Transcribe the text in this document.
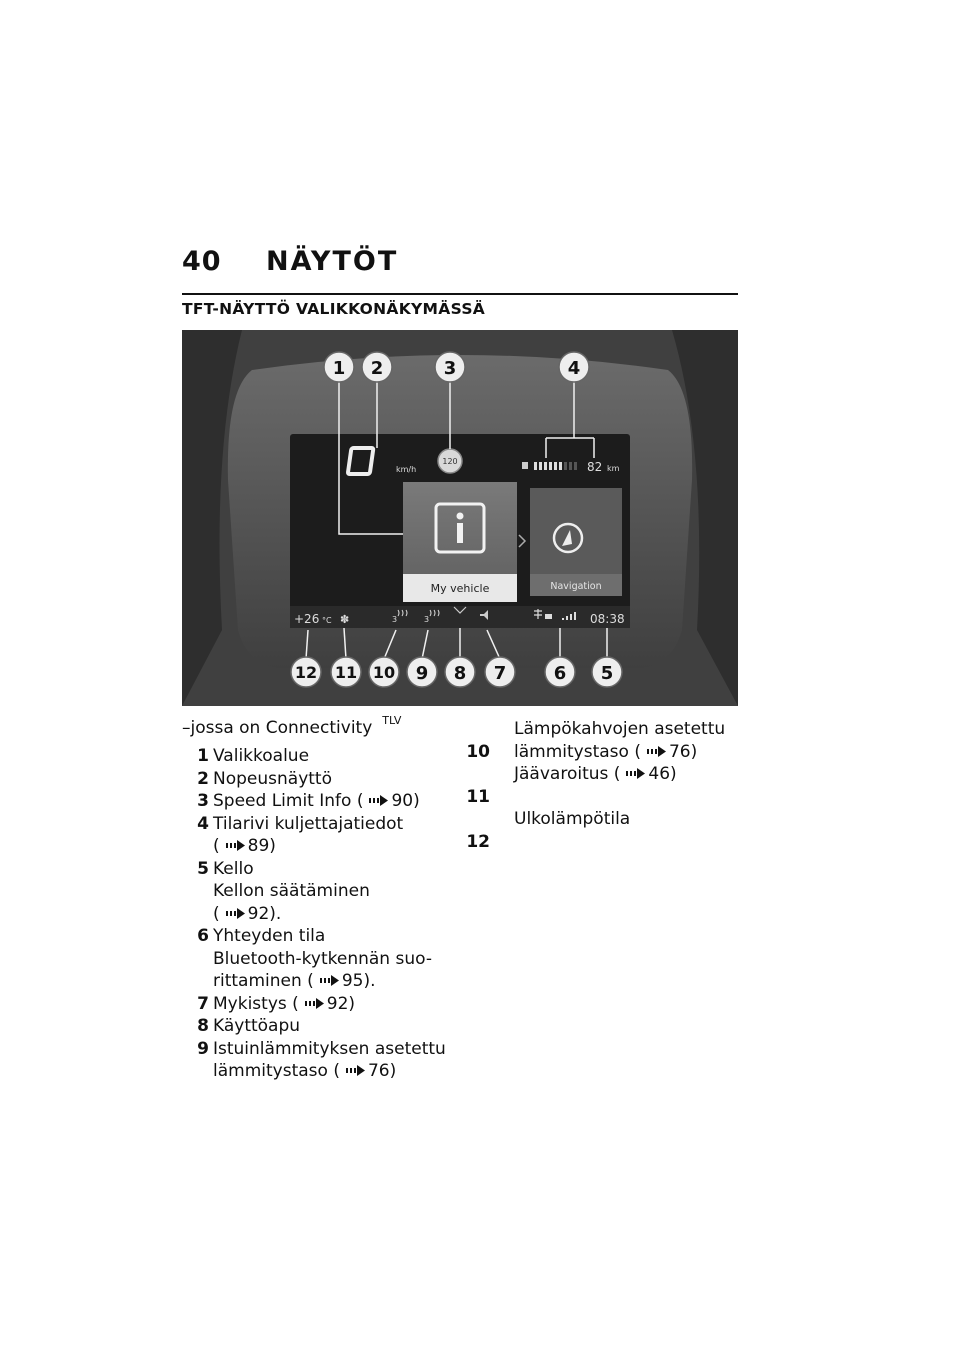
40 NÄYTÖT
TFT-NÄYTTÖ VALIKKONÄKYMÄSSÄ
km/h
120	82 km
My vehicle	Navigation
+26 °C ✽	3	3	08:38
1 2	3	4
5
6
7
8
9
10
11
12
–jossa on Connectivity $^{TLV}$
1 Valikkoalue
2 Nopeusnäyttö
3 Speed Limit Info ( 90)
4 Tilarivi kuljettajatiedot
( 89)
5 Kello
Kellon säätäminen
( 92).
6 Yhteyden tila
Bluetooth-kytkennän suo-
rittaminen ( 95).
7 Mykistys ( 92)
8 Käyttöapu
9 Istuinlämmityksen asetettu
lämmitystaso ( 76)
10
Lämpökahvojen asetettu
lämmitystaso ( 76)
11
Jäävaroitus ( 46)
12
Ulkolämpötila
